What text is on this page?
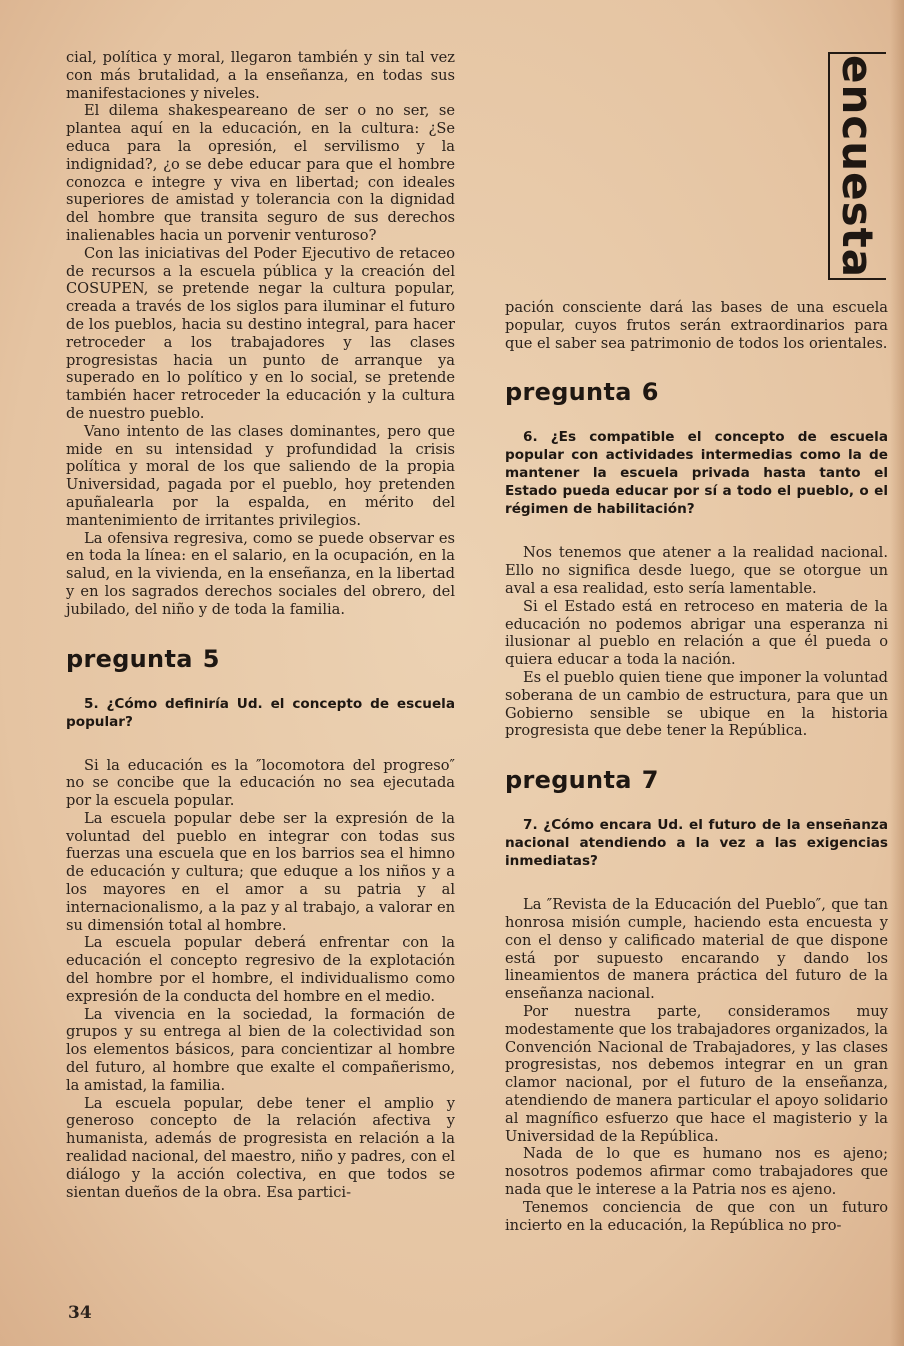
encuesta

cial, política y moral, llegaron también y sin tal vez con más brutalidad, a la enseñanza, en todas sus manifestaciones y niveles.

El dilema shakespeareano de ser o no ser, se plantea aquí en la educación, en la cultura: ¿Se educa para la opresión, el servilismo y la indignidad?, ¿o se debe educar para que el hombre conozca e integre y viva en libertad; con ideales superiores de amistad y tolerancia con la dignidad del hombre que transita seguro de sus derechos inalienables hacia un porvenir venturoso?

Con las iniciativas del Poder Ejecutivo de retaceo de recursos a la escuela pública y la creación del COSUPEN, se pretende negar la cultura popular, creada a través de los siglos para iluminar el futuro de los pueblos, hacia su destino integral, para hacer retroceder a los trabajadores y las clases progresistas hacia un punto de arranque ya superado en lo político y en lo social, se pretende también hacer retroceder la educación y la cultura de nuestro pueblo.

Vano intento de las clases dominantes, pero que mide en su intensidad y profundidad la crisis política y moral de los que saliendo de la propia Universidad, pagada por el pueblo, hoy pretenden apuñalearla por la espalda, en mérito del mantenimiento de irritantes privilegios.

La ofensiva regresiva, como se puede observar es en toda la línea: en el salario, en la ocupación, en la salud, en la vivienda, en la enseñanza, en la libertad y en los sagrados derechos sociales del obrero, del jubilado, del niño y de toda la familia.

pregunta 5
5. ¿Cómo definiría Ud. el concepto de escuela popular?

Si la educación es la ″locomotora del progreso″ no se concibe que la educación no sea ejecutada por la escuela popular.

La escuela popular debe ser la expresión de la voluntad del pueblo en integrar con todas sus fuerzas una escuela que en los barrios sea el himno de educación y cultura; que eduque a los niños y a los mayores en el amor a su patria y al internacionalismo, a la paz y al trabajo, a valorar en su dimensión total al hombre.

La escuela popular deberá enfrentar con la educación el concepto regresivo de la explotación del hombre por el hombre, el individualismo como expresión de la conducta del hombre en el medio.

La vivencia en la sociedad, la formación de grupos y su entrega al bien de la colectividad son los elementos básicos, para concientizar al hombre del futuro, al hombre que exalte el compañerismo, la amistad, la familia.

La escuela popular, debe tener el amplio y generoso concepto de la relación afectiva y humanista, además de progresista en relación a la realidad nacional, del maestro, niño y padres, con el diálogo y la acción colectiva, en que todos se sientan dueños de la obra. Esa partici-

pación consciente dará las bases de una escuela popular, cuyos frutos serán extraordinarios para que el saber sea patrimonio de todos los orientales.

pregunta 6
6. ¿Es compatible el concepto de escuela popular con actividades intermedias como la de mantener la escuela privada hasta tanto el Estado pueda educar por sí a todo el pueblo, o el régimen de habilitación?

Nos tenemos que atener a la realidad nacional. Ello no significa desde luego, que se otorgue un aval a esa realidad, esto sería lamentable.

Si el Estado está en retroceso en materia de la educación no podemos abrigar una esperanza ni ilusionar al pueblo en relación a que él pueda o quiera educar a toda la nación.

Es el pueblo quien tiene que imponer la voluntad soberana de un cambio de estructura, para que un Gobierno sensible se ubique en la historia progresista que debe tener la República.

pregunta 7
7. ¿Cómo encara Ud. el futuro de la enseñanza nacional atendiendo a la vez a las exigencias inmediatas?

La ″Revista de la Educación del Pueblo″, que tan honrosa misión cumple, haciendo esta encuesta y con el denso y calificado material de que dispone está por supuesto encarando y dando los lineamientos de manera práctica del futuro de la enseñanza nacional.

Por nuestra parte, consideramos muy modestamente que los trabajadores organizados, la Convención Nacional de Trabajadores, y las clases progresistas, nos debemos integrar en un gran clamor nacional, por el futuro de la enseñanza, atendiendo de manera particular el apoyo solidario al magnífico esfuerzo que hace el magisterio y la Universidad de la República.

Nada de lo que es humano nos es ajeno; nosotros podemos afirmar como trabajadores que nada que le interese a la Patria nos es ajeno.

Tenemos conciencia de que con un futuro incierto en la educación, la República no pro-

34
